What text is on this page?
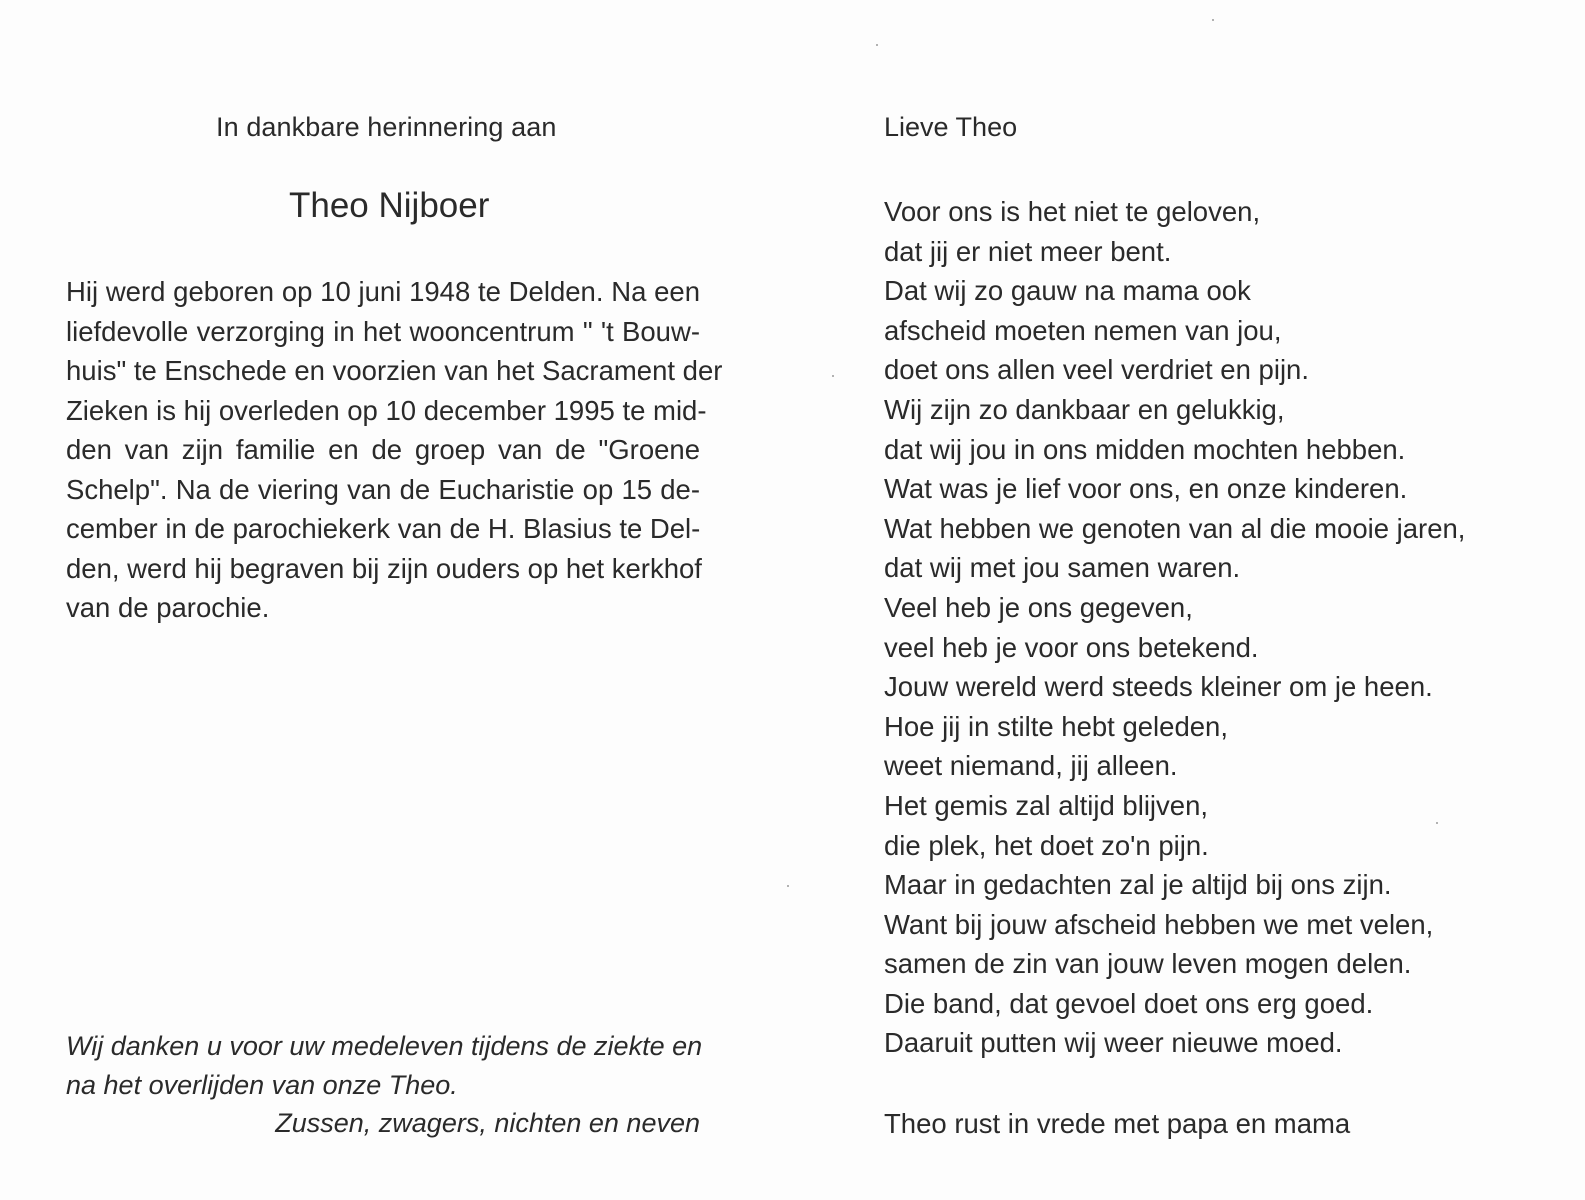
In dankbare herinnering aan
Theo Nijboer
Hij werd geboren op 10 juni 1948 te Delden. Na een
liefdevolle verzorging in het wooncentrum " 't Bouw-
huis" te Enschede en voorzien van het Sacrament der
Zieken is hij overleden op 10 december 1995 te mid-
den van zijn familie en de groep van de "Groene
Schelp". Na de viering van de Eucharistie op 15 de-
cember in de parochiekerk van de H. Blasius te Del-
den, werd hij begraven bij zijn ouders op het kerkhof
van de parochie.
Wij danken u voor uw medeleven tijdens de ziekte en
na het overlijden van onze Theo.
Zussen, zwagers, nichten en neven
Lieve Theo
Voor ons is het niet te geloven,
dat jij er niet meer bent.
Dat wij zo gauw na mama ook
afscheid moeten nemen van jou,
doet ons allen veel verdriet en pijn.
Wij zijn zo dankbaar en gelukkig,
dat wij jou in ons midden mochten hebben.
Wat was je lief voor ons, en onze kinderen.
Wat hebben we genoten van al die mooie jaren,
dat wij met jou samen waren.
Veel heb je ons gegeven,
veel heb je voor ons betekend.
Jouw wereld werd steeds kleiner om je heen.
Hoe jij in stilte hebt geleden,
weet niemand, jij alleen.
Het gemis zal altijd blijven,
die plek, het doet zo'n pijn.
Maar in gedachten zal je altijd bij ons zijn.
Want bij jouw afscheid hebben we met velen,
samen de zin van jouw leven mogen delen.
Die band, dat gevoel doet ons erg goed.
Daaruit putten wij weer nieuwe moed.
Theo rust in vrede met papa en mama
